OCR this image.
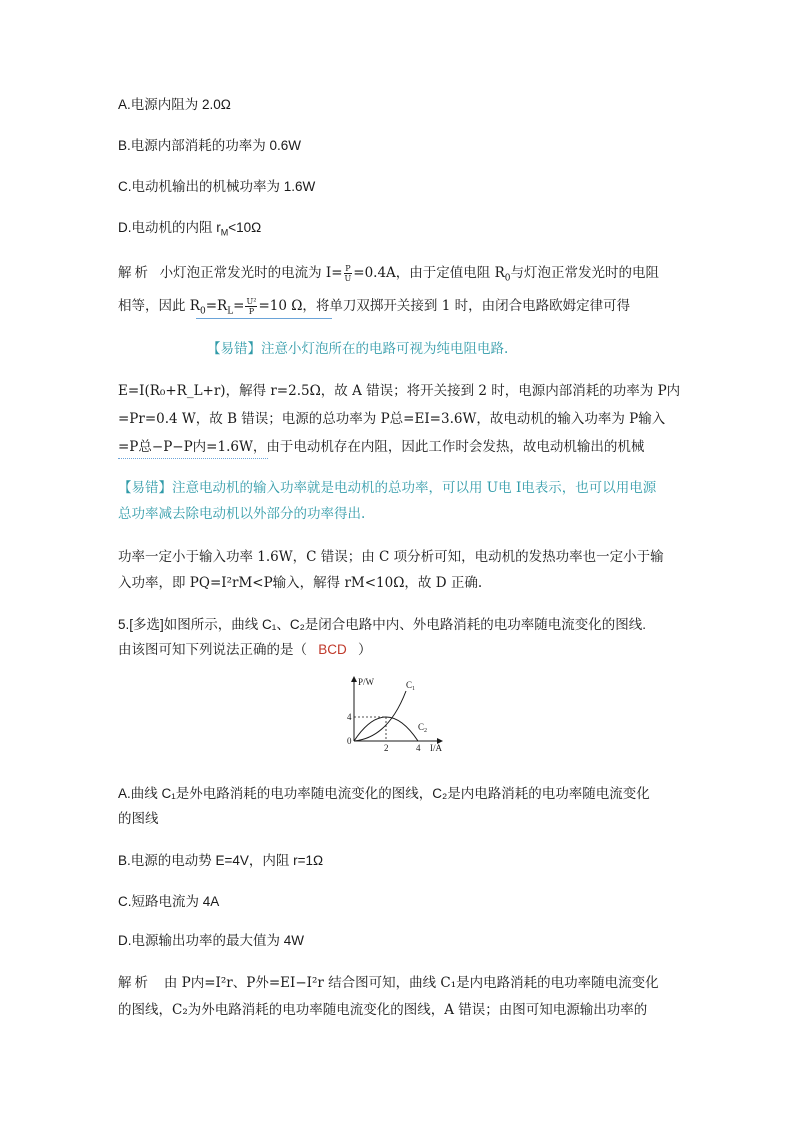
A.电源内阻为 2.0Ω
B.电源内部消耗的功率为 0.6W
C.电动机输出的机械功率为 1.6W
D.电动机的内阻 $r_M<10\Omega$
解析 小灯泡正常发光时的电流为 $I= \frac{P}{U} =0.4A$，由于定值电阻 $R_0$与灯泡正常发光时的电阻
相等，因此 $R_0=R_L= \frac{\text{U²}}{P} =10$ Ω，将单刀双掷开关接到 1 时，由闭合电路欧姆定律可得
【易错】注意小灯泡所在的电路可视为纯电阻电路.
E=I(R₀+R_L+r)，解得 r=2.5Ω，故 A 错误；将开关接到 2 时，电源内部消耗的功率为 P内
=Pr=0.4 W，故 B 错误；电源的总功率为 P总=EI=3.6W，故电动机的输入功率为 P输入
=P总−P−P内=1.6W，由于电动机存在内阻，因此工作时会发热，故电动机输出的机械
【易错】注意电动机的输入功率就是电动机的总功率，可以用 U电 I电表示，也可以用电源
总功率减去除电动机以外部分的功率得出.
功率一定小于输入功率 1.6W，C 错误；由 C 项分析可知，电动机的发热功率也一定小于输
入功率，即 PQ=I²rM<P输入，解得 rM<10Ω，故 D 正确.
5.[多选]如图所示，曲线 C₁、C₂是闭合电路中内、外电路消耗的电功率随电流变化的图线.
由该图可知下列说法正确的是（ BCD ）
P/W
I/A
0
4
2	4
$C_1$
$C_2$
A.曲线 C₁是外电路消耗的电功率随电流变化的图线，C₂是内电路消耗的电功率随电流变化
的图线
B.电源的电动势 E=4V，内阻 r=1Ω
C.短路电流为 4A
D.电源输出功率的最大值为 4W
解析 由 P内=I²r、P外=EI−I²r 结合图可知，曲线 C₁是内电路消耗的电功率随电流变化
的图线，C₂为外电路消耗的电功率随电流变化的图线，A 错误；由图可知电源输出功率的
